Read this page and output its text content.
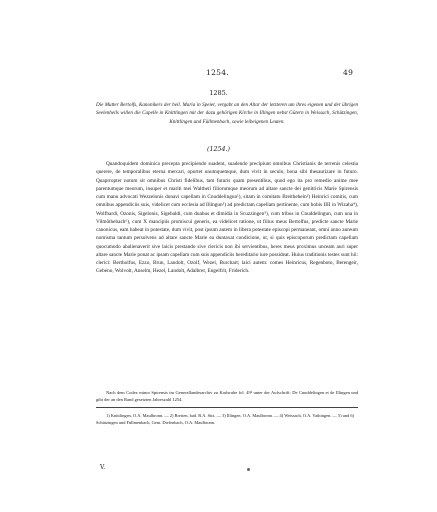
1254.	49
1285.
Die Mutter Bertolfs, Kanonikers der heil. Maria in Speier, vergabt an den Altar der letzteren um ihres eigenen und der übrigen Seelenheils willen die Capelle in Knittlingen mit der dazu gehörigen Kirche in Illingen nebst Gütern in Weissach, Schützingen, Knittlingen und Füllmenbach, sowie leibeigenen Leuten.
(1254.)

Quandoquidem dominica precepta precipiendo suadent, suadendo precipiunt omnibus Christianis de terrenis celestia querere, de temporalibus eterna mercari, oportet unumquemque, dum vivit in seculo, bona sibi thesaurizare in futuro. Quaprropter notum sit omnibus Christi fidelibus, tam futuris quam presentibus, quod ego ita pro remedio anime mee parentumque meorum, insuper et mariti mei Waltheri filiorumque meorum ad altare sancte dei genitricis Marie Spirensis cum manu advocati Wezzelonis donavi capellam in Cnuddelingun¹), sitam in comitatu Breithehein²) Heinrici comitis, cum omnibus appendiciis suis, videlicet cum ecclesia ad Illingun³) ad predictam capellam pertinente, cum hobis IIII in Wizaha⁴), Wolfhardi, Ozonis, Sigelonis, Sigebaldi, cum duabus et dimidia in Scuzzingen⁵), cum tribus in Cnuddelingun, cum una in Vilmôthebach⁶), cum X mancipiis promiscui generis, ea videlicet ratione, ut filius meus Bertolfus, predicte sancte Marie canonicus, eam habeat in potestate, dum vivit, post ipsum autem in libera potestate episcopi permaneant, omni anno aureum nomisma tantum persolvens ad altare sancte Marie ea duntaxat condicione, ut, si quis episcoporum predictam capellam quocumodo abalienaverit sive laicis prestando sive clericis non ibi servientibus, heres meus proximus unceam auri super altare sancte Marie ponat ac ipsam capellam cum suis appendiciis hereditario iure possideat. Huius traditionis testes sunt hii: clerici: Bertholfus, Ezzo, Brun, Landolt, Ozolf, Wezel, Burchart; laici autem: comes Heinricus, Regenboto, Berengeir, Gebeno, Wolvolt, Anselm, Hezel, Landolt, Adalbret, Engelfrit, Friderich.

Nach dem Codex minor Spirensis im Generallandesarchiv zu Karlsruhe fol. 49ᵇ unter der Aufschrift: De Cnuddelingen et de Illingen und gibt der an den Rand gesetzten Jahreszahl 1254.

1) Knittlingen, O.A. Maulbronn. — 2) Bretten, bad. B.A. Sitz. — 3) Illingen, O.A. Maulbronn. — 4) Weissach, O.A. Vaihingen. — 5) und 6) Schützingen und Füllmenbach, Gem. Diefenbach, O.A. Maulbronn.

V.
